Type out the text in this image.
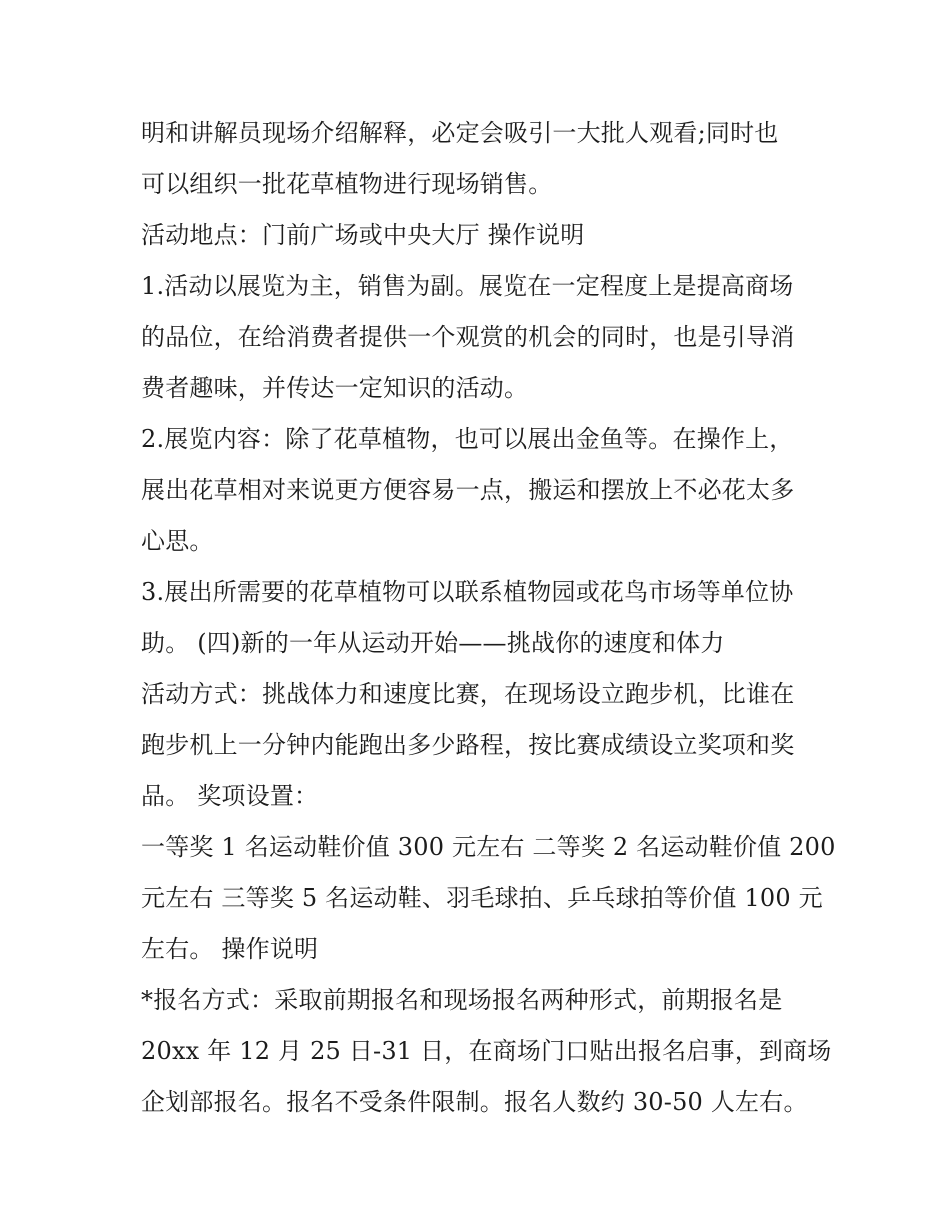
明和讲解员现场介绍解释，必定会吸引一大批人观看;同时也
可以组织一批花草植物进行现场销售。
活动地点：门前广场或中央大厅 操作说明
1.活动以展览为主，销售为副。展览在一定程度上是提高商场
的品位，在给消费者提供一个观赏的机会的同时，也是引导消
费者趣味，并传达一定知识的活动。
2.展览内容：除了花草植物，也可以展出金鱼等。在操作上，
展出花草相对来说更方便容易一点，搬运和摆放上不必花太多
心思。
3.展出所需要的花草植物可以联系植物园或花鸟市场等单位协
助。 (四)新的一年从运动开始——挑战你的速度和体力
活动方式：挑战体力和速度比赛，在现场设立跑步机，比谁在
跑步机上一分钟内能跑出多少路程，按比赛成绩设立奖项和奖
品。 奖项设置：
一等奖 1 名运动鞋价值 300 元左右 二等奖 2 名运动鞋价值 200
元左右 三等奖 5 名运动鞋、羽毛球拍、乒乓球拍等价值 100 元
左右。 操作说明
*报名方式：采取前期报名和现场报名两种形式，前期报名是
20xx 年 12 月 25 日-31 日，在商场门口贴出报名启事，到商场
企划部报名。报名不受条件限制。报名人数约 30-50 人左右。
